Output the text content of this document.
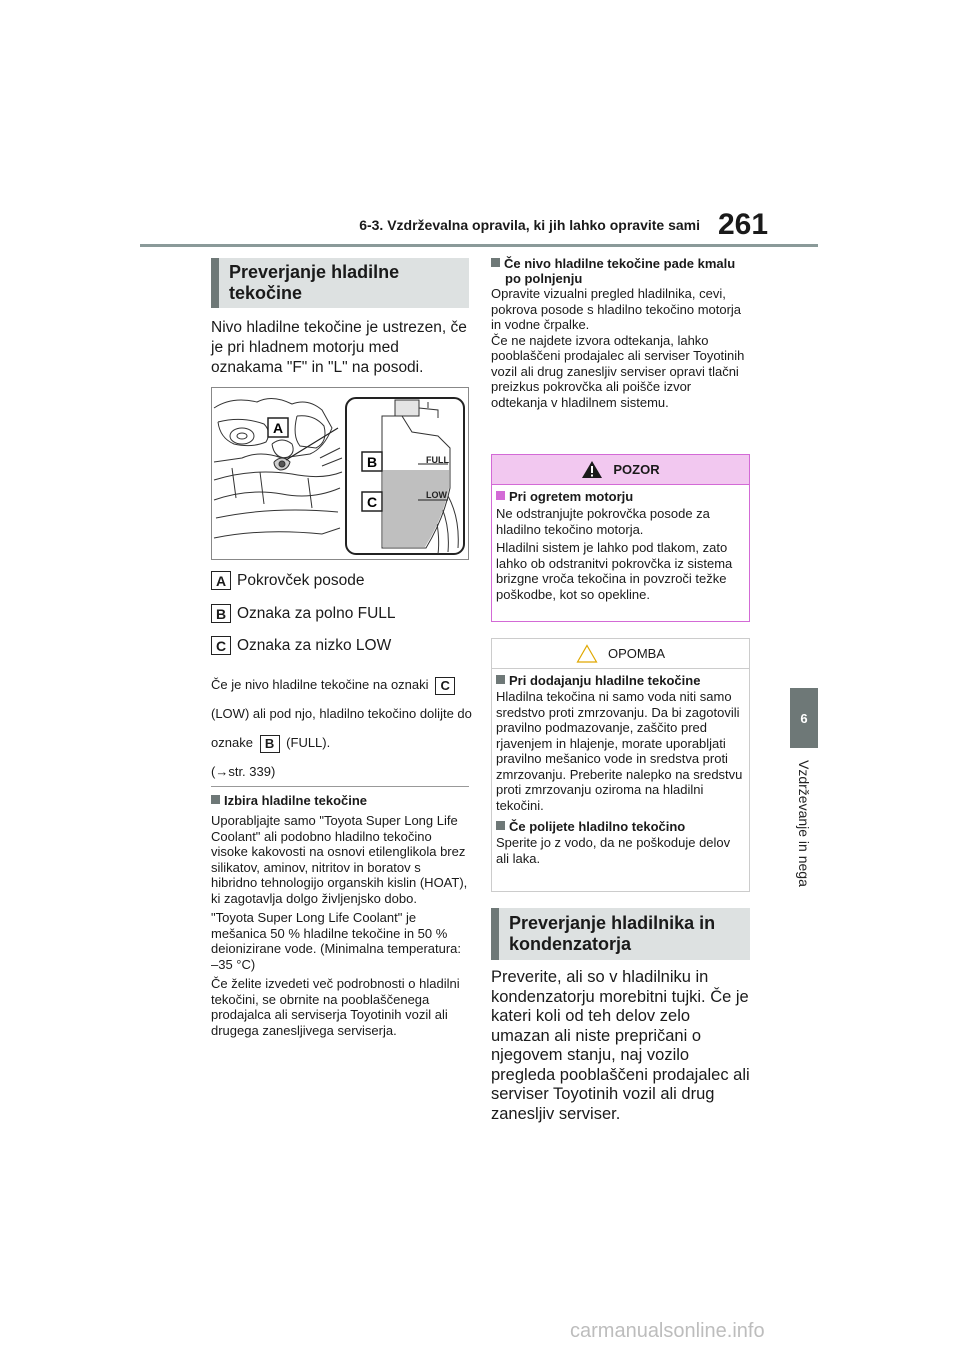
6-3. Vzdrževalna opravila, ki jih lahko opravite sami 261
6
Vzdrževanje in nega
Preverjanje hladilne tekočine
Nivo hladilne tekočine je ustrezen, če je pri hladnem motorju med oznakama "F" in "L" na posodi.
A
FULL
LOW
B
C
A Pokrovček posode
B Oznaka za polno FULL
C Oznaka za nizko LOW
Če je nivo hladilne tekočine na oznaki C (LOW) ali pod njo, hladilno tekočino dolijte do oznake B (FULL).
(→str. 339)
Izbira hladilne tekočine

Uporabljajte samo "Toyota Super Long Life Coolant" ali podobno hladilno tekočino visoke kakovosti na osnovi etilenglikola brez silikatov, aminov, nitritov in boratov s hibridno tehnologijo organskih kislin (HOAT), ki zagotavlja dolgo življenjsko dobo.

"Toyota Super Long Life Coolant" je mešanica 50 % hladilne tekočine in 50 % deionizirane vode. (Minimalna temperatura: –35 °C)

Če želite izvedeti več podrobnosti o hladilni tekočini, se obrnite na pooblaščenega prodajalca ali serviserja Toyotinih vozil ali drugega zanesljivega serviserja.

Če nivo hladilne tekočine pade kmalu po polnjenju
Opravite vizualni pregled hladilnika, cevi, pokrova posode s hladilno tekočino motorja in vodne črpalke.
Če ne najdete izvora odtekanja, lahko pooblaščeni prodajalec ali serviser Toyotinih vozil ali drug zanesljiv serviser opravi tlačni preizkus pokrovčka ali poišče izvor odtekanja v hladilnem sistemu.
POZOR
Pri ogretem motorju

Ne odstranjujte pokrovčka posode za hladilno tekočino motorja.

Hladilni sistem je lahko pod tlakom, zato lahko ob odstranitvi pokrovčka iz sistema brizgne vroča tekočina in povzroči težke poškodbe, kot so opekline.

OPOMBA
Pri dodajanju hladilne tekočine

Hladilna tekočina ni samo voda niti samo sredstvo proti zmrzovanju. Da bi zagotovili pravilno podmazovanje, zaščito pred rjavenjem in hlajenje, morate uporabljati pravilno mešanico vode in sredstva proti zmrzovanju. Preberite nalepko na sredstvu proti zmrzovanju oziroma na hladilni tekočini.

Če polijete hladilno tekočino

Sperite jo z vodo, da ne poškoduje delov ali laka.

Preverjanje hladilnika in kondenzatorja
Preverite, ali so v hladilniku in kondenzatorju morebitni tujki. Če je kateri koli od teh delov zelo umazan ali niste prepričani o njegovem stanju, naj vozilo pregleda pooblaščeni prodajalec ali serviser Toyotinih vozil ali drug zanesljiv serviser.
carmanualsonline.info
